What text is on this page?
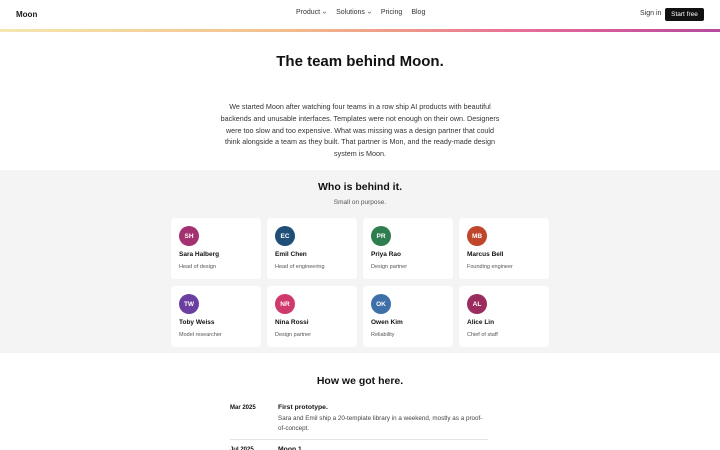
Moon	Product Solutions Pricing Blog	Sign in	Start free
The team behind Moon.

We started Moon after watching four teams in a row ship AI products with beautiful backends and unusable interfaces. Templates were not enough on their own. Designers were too slow and too expensive. What was missing was a design partner that could think alongside a team as they built. That partner is Mon, and the ready-made design system is Moon.

Who is behind it.
Small on purpose.
SH
Sara Halberg
Head of design
EC
Emil Chen
Head of engineering
PR
Priya Rao
Design partner
MB
Marcus Bell
Founding engineer
TW
Toby Weiss
Model researcher
NR
Nina Rossi
Design partner
OK
Owen Kim
Reliability
AL
Alice Lin
Chief of staff
How we got here.
Mar 2025	First prototype.
Sara and Emil ship a 20-template library in a weekend, mostly as a proof-of-concept.
Jul 2025	Moon 1.
